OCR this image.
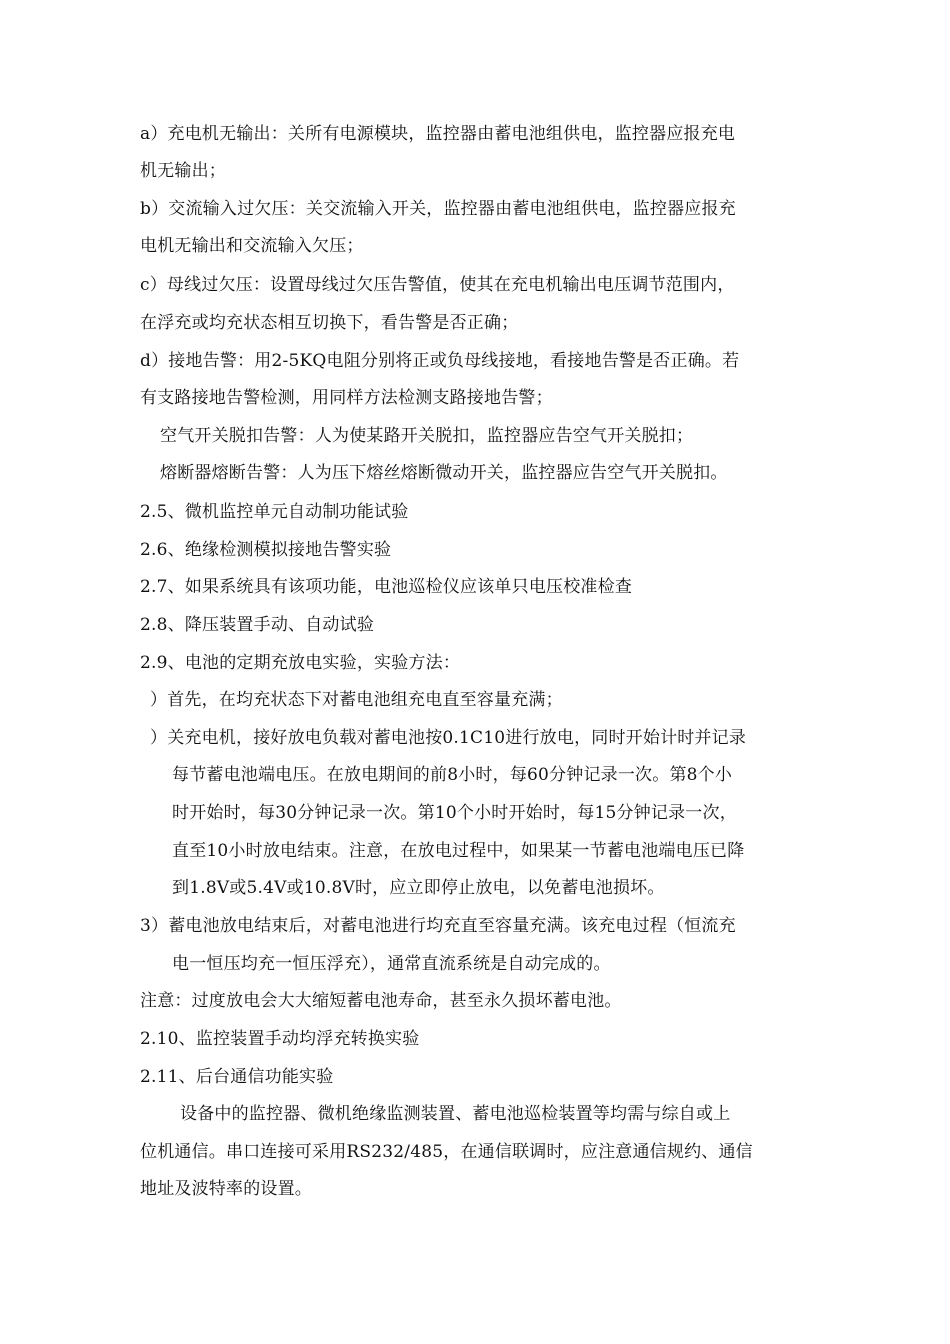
a）充电机无输出：关所有电源模块，监控器由蓄电池组供电，监控器应报充电
机无输出；
b）交流输入过欠压：关交流输入开关，监控器由蓄电池组供电，监控器应报充
电机无输出和交流输入欠压；
c）母线过欠压：设置母线过欠压告警值，使其在充电机输出电压调节范围内，
在浮充或均充状态相互切换下，看告警是否正确；
d）接地告警：用2-5KQ电阻分别将正或负母线接地，看接地告警是否正确。若
有支路接地告警检测，用同样方法检测支路接地告警；
空气开关脱扣告警：人为使某路开关脱扣，监控器应告空气开关脱扣；
熔断器熔断告警：人为压下熔丝熔断微动开关，监控器应告空气开关脱扣。
2.5、微机监控单元自动制功能试验
2.6、绝缘检测模拟接地告警实验
2.7、如果系统具有该项功能，电池巡检仪应该单只电压校准检查
2.8、降压装置手动、自动试验
2.9、电池的定期充放电实验，实验方法：
）首先，在均充状态下对蓄电池组充电直至容量充满；
）关充电机，接好放电负载对蓄电池按0.1C10进行放电，同时开始计时并记录
每节蓄电池端电压。在放电期间的前8小时，每60分钟记录一次。第8个小
时开始时，每30分钟记录一次。第10个小时开始时，每15分钟记录一次，
直至10小时放电结束。注意，在放电过程中，如果某一节蓄电池端电压已降
到1.8V或5.4V或10.8V时，应立即停止放电，以免蓄电池损坏。
3）蓄电池放电结束后，对蓄电池进行均充直至容量充满。该充电过程（恒流充
电一恒压均充一恒压浮充），通常直流系统是自动完成的。
注意：过度放电会大大缩短蓄电池寿命，甚至永久损坏蓄电池。
2.10、监控装置手动均浮充转换实验
2.11、后台通信功能实验
设备中的监控器、微机绝缘监测装置、蓄电池巡检装置等均需与综自或上
位机通信。串口连接可采用RS232/485，在通信联调时，应注意通信规约、通信
地址及波特率的设置。
